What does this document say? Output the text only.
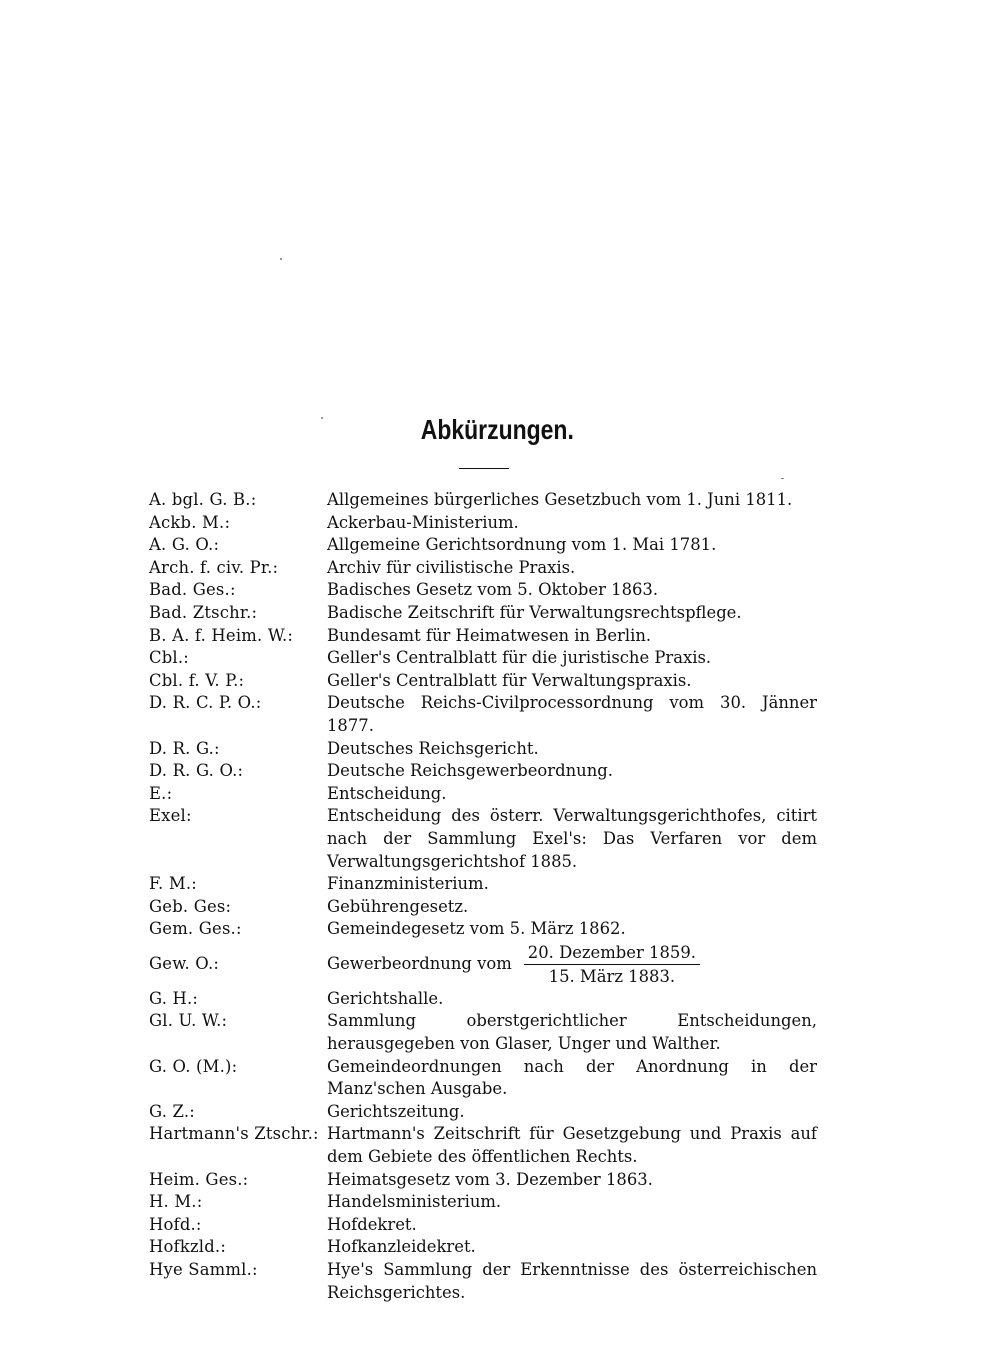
Abkürzungen.
A. bgl. G. B.:	Allgemeines bürgerliches Gesetzbuch vom 1. Juni 1811.
Ackb. M.:	Ackerbau-Ministerium.
A. G. O.:	Allgemeine Gerichtsordnung vom 1. Mai 1781.
Arch. f. civ. Pr.:	Archiv für civilistische Praxis.
Bad. Ges.:	Badisches Gesetz vom 5. Oktober 1863.
Bad. Ztschr.:	Badische Zeitschrift für Verwaltungsrechtspflege.
B. A. f. Heim. W.:	Bundesamt für Heimatwesen in Berlin.
Cbl.:	Geller's Centralblatt für die juristische Praxis.
Cbl. f. V. P.:	Geller's Centralblatt für Verwaltungspraxis.
D. R. C. P. O.:	Deutsche Reichs-Civilprocessordnung vom 30. Jänner 1877.
D. R. G.:	Deutsches Reichsgericht.
D. R. G. O.:	Deutsche Reichsgewerbeordnung.
E.:	Entscheidung.
Exel:	Entscheidung des österr. Verwaltungsgerichthofes, citirt nach der Sammlung Exel's: Das Verfaren vor dem Verwaltungsgerichtshof 1885.
F. M.:	Finanzministerium.
Geb. Ges:	Gebührengesetz.
Gem. Ges.:	Gemeindegesetz vom 5. März 1862.
Gew. O.:	Gewerbeordnung vom $\frac{\text{20. Dezember 1859.}}{\text{15. März 1883.}}$
G. H.:	Gerichtshalle.
Gl. U. W.:	Sammlung oberstgerichtlicher Entscheidungen, herausgegeben von Glaser, Unger und Walther.
G. O. (M.):	Gemeindeordnungen nach der Anordnung in der Manz'schen Ausgabe.
G. Z.:	Gerichtszeitung.
Hartmann's Ztschr.: Hartmann's Zeitschrift für Gesetzgebung und Praxis auf dem Gebiete des öffentlichen Rechts.
Heim. Ges.:	Heimatsgesetz vom 3. Dezember 1863.
H. M.:	Handelsministerium.
Hofd.:	Hofdekret.
Hofkzld.:	Hofkanzleidekret.
Hye Samml.:	Hye's Sammlung der Erkenntnisse des österreichischen Reichsgerichtes.
